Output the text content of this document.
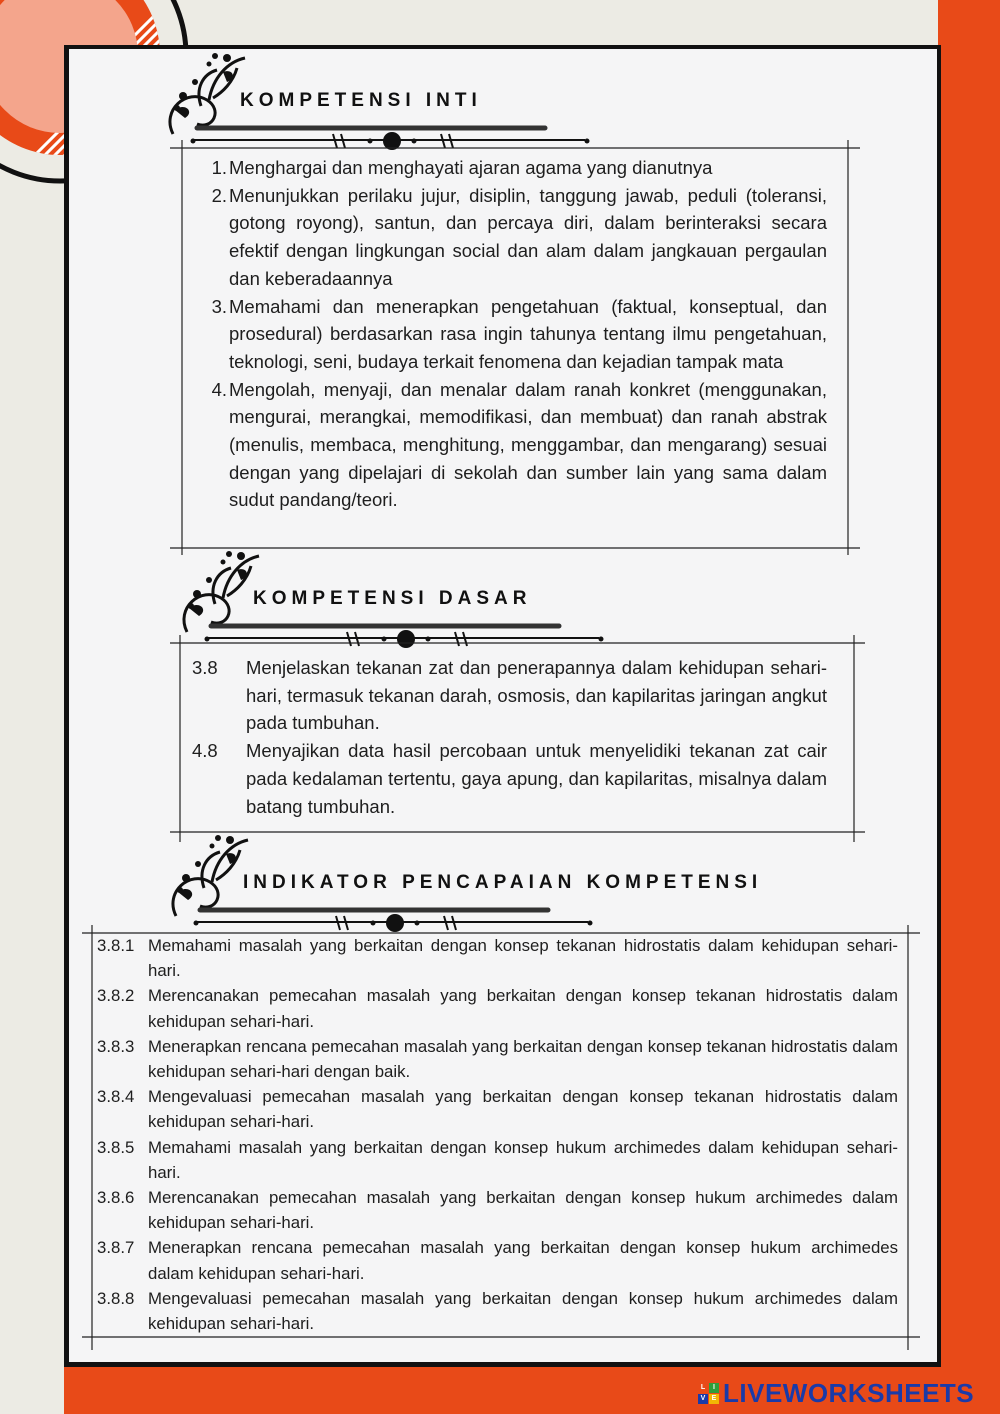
KOMPETENSI INTI
1. Menghargai dan menghayati ajaran agama yang dianutnya
2. Menunjukkan perilaku jujur, disiplin, tanggung jawab, peduli (toleransi, gotong royong), santun, dan percaya diri, dalam berinteraksi secara efektif dengan lingkungan social dan alam dalam jangkauan pergaulan dan keberadaannya
3. Memahami dan menerapkan pengetahuan (faktual, konseptual, dan prosedural) berdasarkan rasa ingin tahunya tentang ilmu pengetahuan, teknologi, seni, budaya terkait fenomena dan kejadian tampak mata
4. Mengolah, menyaji, dan menalar dalam ranah konkret (menggunakan, mengurai, merangkai, memodifikasi, dan membuat) dan ranah abstrak (menulis, membaca, menghitung, menggambar, dan mengarang) sesuai dengan yang dipelajari di sekolah dan sumber lain yang sama dalam sudut pandang/teori.
KOMPETENSI DASAR
3.8	Menjelaskan tekanan zat dan penerapannya dalam kehidupan sehari-hari, termasuk tekanan darah, osmosis, dan kapilaritas jaringan angkut pada tumbuhan.
4.8	Menyajikan data hasil percobaan untuk menyelidiki tekanan zat cair pada kedalaman tertentu, gaya apung, dan kapilaritas, misalnya dalam batang tumbuhan.
INDIKATOR PENCAPAIAN KOMPETENSI
3.8.1 Memahami masalah yang berkaitan dengan konsep tekanan hidrostatis dalam kehidupan sehari-hari.
3.8.2 Merencanakan pemecahan masalah yang berkaitan dengan konsep tekanan hidrostatis dalam kehidupan sehari-hari.
3.8.3 Menerapkan rencana pemecahan masalah yang berkaitan dengan konsep tekanan hidrostatis dalam kehidupan sehari-hari dengan baik.
3.8.4 Mengevaluasi pemecahan masalah yang berkaitan dengan konsep tekanan hidrostatis dalam kehidupan sehari-hari.
3.8.5 Memahami masalah yang berkaitan dengan konsep hukum archimedes dalam kehidupan sehari-hari.
3.8.6 Merencanakan pemecahan masalah yang berkaitan dengan konsep hukum archimedes dalam kehidupan sehari-hari.
3.8.7 Menerapkan rencana pemecahan masalah yang berkaitan dengan konsep hukum archimedes dalam kehidupan sehari-hari.
3.8.8 Mengevaluasi pemecahan masalah yang berkaitan dengan konsep hukum archimedes dalam kehidupan sehari-hari.
L	I
V E LIVEWORKSHEETS
